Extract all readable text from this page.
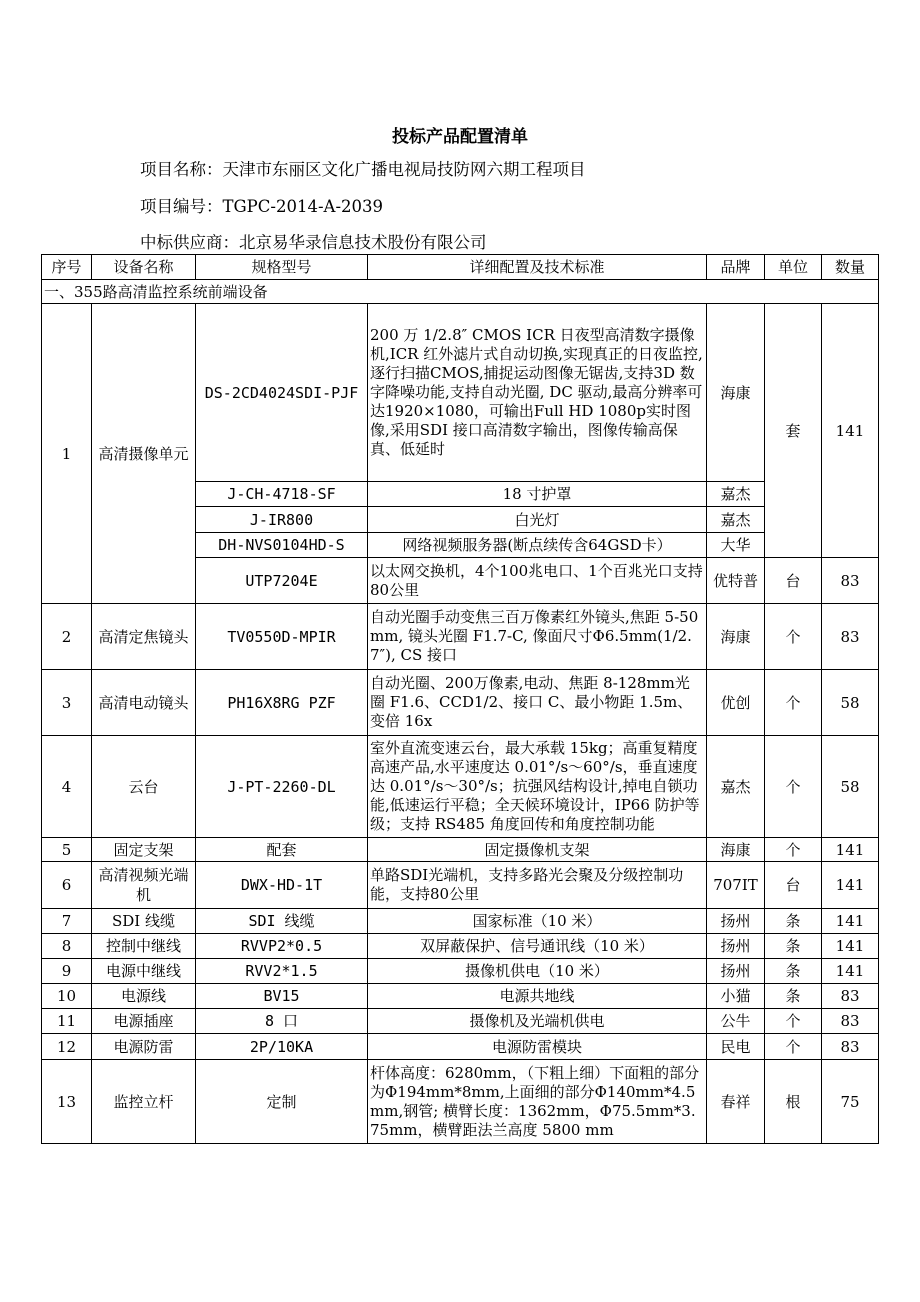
投标产品配置清单
项目名称：天津市东丽区文化广播电视局技防网六期工程项目
项目编号：TGPC-2014-A-2039
中标供应商：北京易华录信息技术股份有限公司
序号	设备名称	规格型号	详细配置及技术标准	品牌	单位	数量
一、355路高清监控系统前端设备						
1	高清摄像单元	DS-2CD4024SDI-PJF	200 万 1/2.8″ CMOS ICR 日夜型高清数字摄像机,ICR 红外滤片式自动切换,实现真正的日夜监控,逐行扫描CMOS,捕捉运动图像无锯齿,支持3D 数字降噪功能,支持自动光圈, DC 驱动,最高分辨率可达1920×1080，可输出Full HD 1080p实时图像,采用SDI 接口高清数字输出，图像传输高保真、低延时	海康	套	141
		J-CH-4718-SF	18 寸护罩	嘉杰		
		J-IR800	白光灯	嘉杰		
		DH-NVS0104HD-S	网络视频服务器(断点续传含64GSD卡）	大华		
		UTP7204E	以太网交换机，4个100兆电口、1个百兆光口支持80公里	优特普	台	83
2	高清定焦镜头	TV0550D-MPIR	自动光圈手动变焦三百万像素红外镜头,焦距 5-50mm, 镜头光圈 F1.7-C, 像面尺寸Φ6.5mm(1/2.7″), CS 接口	海康	个	83
3	高清电动镜头	PH16X8RG PZF	自动光圈、200万像素,电动、焦距 8-128mm光圈 F1.6、CCD1/2、接口 C、最小物距 1.5m、变倍 16x	优创	个	58
4	云台	J-PT-2260-DL	室外直流变速云台，最大承载 15kg；高重复精度高速产品,水平速度达 0.01°/s～60°/s，垂直速度达 0.01°/s～30°/s；抗强风结构设计,掉电自锁功能,低速运行平稳；全天候环境设计，IP66 防护等级；支持 RS485 角度回传和角度控制功能	嘉杰	个	58
5	固定支架	配套	固定摄像机支架	海康	个	141
6	高清视频光端机	DWX-HD-1T	单路SDI光端机，支持多路光会聚及分级控制功能，支持80公里	707IT	台	141
7	SDI 线缆	SDI 线缆	国家标准（10 米）	扬州	条	141
8	控制中继线	RVVP2*0.5	双屏蔽保护、信号通讯线（10 米）	扬州	条	141
9	电源中继线	RVV2*1.5	摄像机供电（10 米）	扬州	条	141
10	电源线	BV15	电源共地线	小猫	条	83
11	电源插座	8 口	摄像机及光端机供电	公牛	个	83
12	电源防雷	2P/10KA	电源防雷模块	民电	个	83
13	监控立杆	定制	杆体高度：6280mm，（下粗上细）下面粗的部分为Φ194mm*8mm,上面细的部分Φ140mm*4.5mm,钢管; 横臂长度：1362mm，Φ75.5mm*3.75mm，横臂距法兰高度 5800 mm	春祥	根	75
